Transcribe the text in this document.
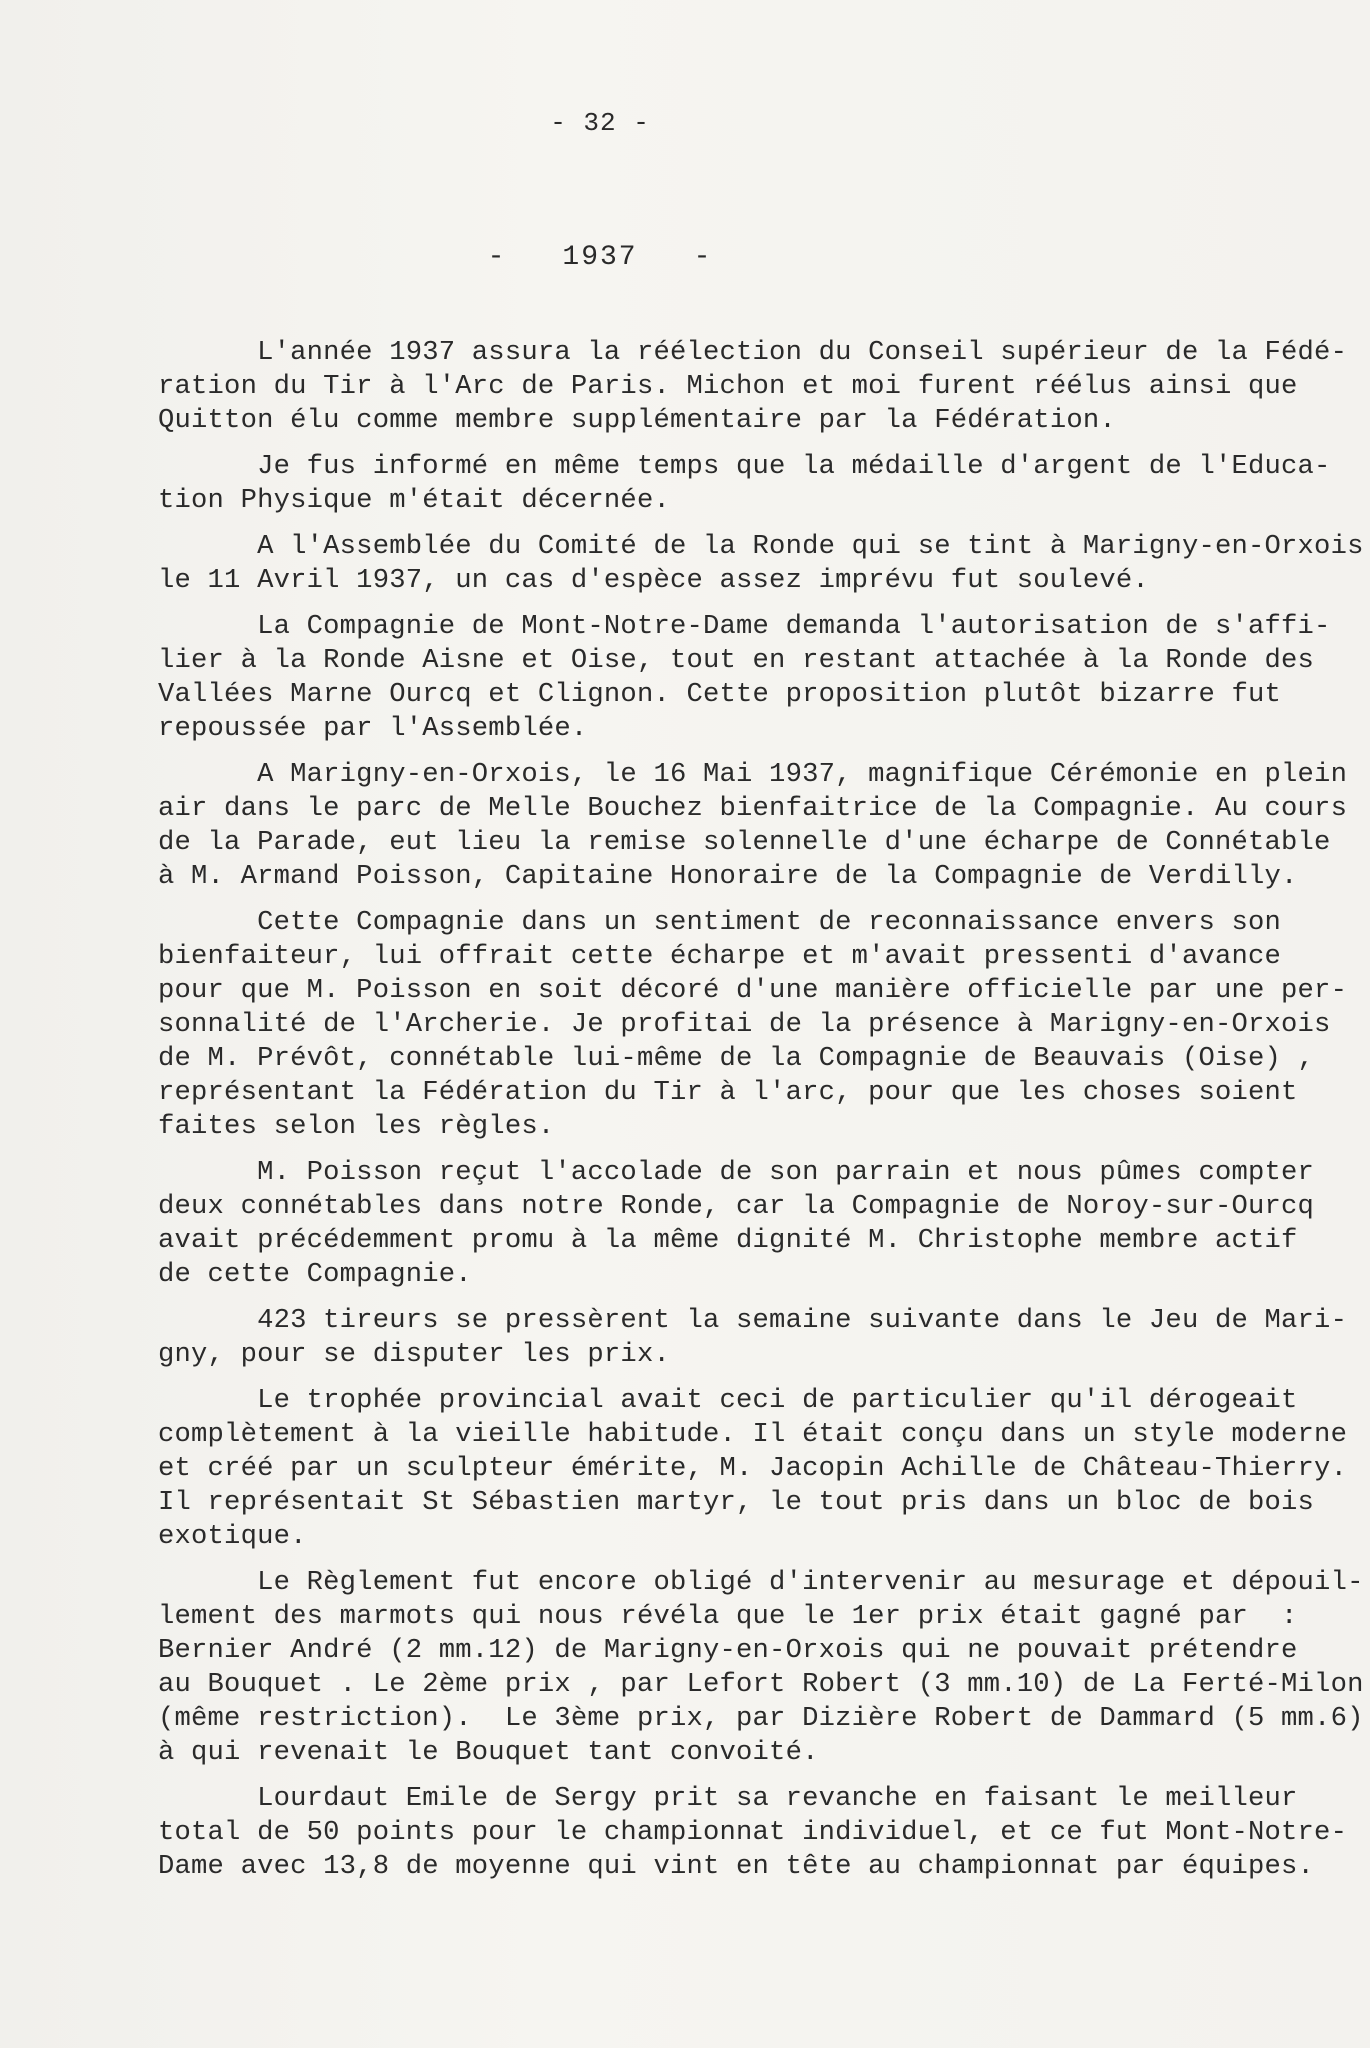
- 32 -
- 1937 -
L'année 1937 assura la réélection du Conseil supérieur de la Fédé-
ration du Tir à l'Arc de Paris. Michon et moi furent réélus ainsi que
Quitton élu comme membre supplémentaire par la Fédération.
Je fus informé en même temps que la médaille d'argent de l'Educa-
tion Physique m'était décernée.
A l'Assemblée du Comité de la Ronde qui se tint à Marigny-en-Orxois
le 11 Avril 1937, un cas d'espèce assez imprévu fut soulevé.
La Compagnie de Mont-Notre-Dame demanda l'autorisation de s'affi-
lier à la Ronde Aisne et Oise, tout en restant attachée à la Ronde des
Vallées Marne Ourcq et Clignon. Cette proposition plutôt bizarre fut
repoussée par l'Assemblée.
A Marigny-en-Orxois, le 16 Mai 1937, magnifique Cérémonie en plein
air dans le parc de Melle Bouchez bienfaitrice de la Compagnie. Au cours
de la Parade, eut lieu la remise solennelle d'une écharpe de Connétable
à M. Armand Poisson, Capitaine Honoraire de la Compagnie de Verdilly.
Cette Compagnie dans un sentiment de reconnaissance envers son
bienfaiteur, lui offrait cette écharpe et m'avait pressenti d'avance
pour que M. Poisson en soit décoré d'une manière officielle par une per-
sonnalité de l'Archerie. Je profitai de la présence à Marigny-en-Orxois
de M. Prévôt, connétable lui-même de la Compagnie de Beauvais (Oise) ,
représentant la Fédération du Tir à l'arc, pour que les choses soient
faites selon les règles.
M. Poisson reçut l'accolade de son parrain et nous pûmes compter
deux connétables dans notre Ronde, car la Compagnie de Noroy-sur-Ourcq
avait précédemment promu à la même dignité M. Christophe membre actif
de cette Compagnie.
423 tireurs se pressèrent la semaine suivante dans le Jeu de Mari-
gny, pour se disputer les prix.
Le trophée provincial avait ceci de particulier qu'il dérogeait
complètement à la vieille habitude. Il était conçu dans un style moderne
et créé par un sculpteur émérite, M. Jacopin Achille de Château-Thierry.
Il représentait St Sébastien martyr, le tout pris dans un bloc de bois
exotique.
Le Règlement fut encore obligé d'intervenir au mesurage et dépouil-
lement des marmots qui nous révéla que le 1er prix était gagné par  :
Bernier André (2 mm.12) de Marigny-en-Orxois qui ne pouvait prétendre
au Bouquet . Le 2ème prix , par Lefort Robert (3 mm.10) de La Ferté-Milon
(même restriction).  Le 3ème prix, par Dizière Robert de Dammard (5 mm.6)
à qui revenait le Bouquet tant convoité.
Lourdaut Emile de Sergy prit sa revanche en faisant le meilleur
total de 50 points pour le championnat individuel, et ce fut Mont-Notre-
Dame avec 13,8 de moyenne qui vint en tête au championnat par équipes.
